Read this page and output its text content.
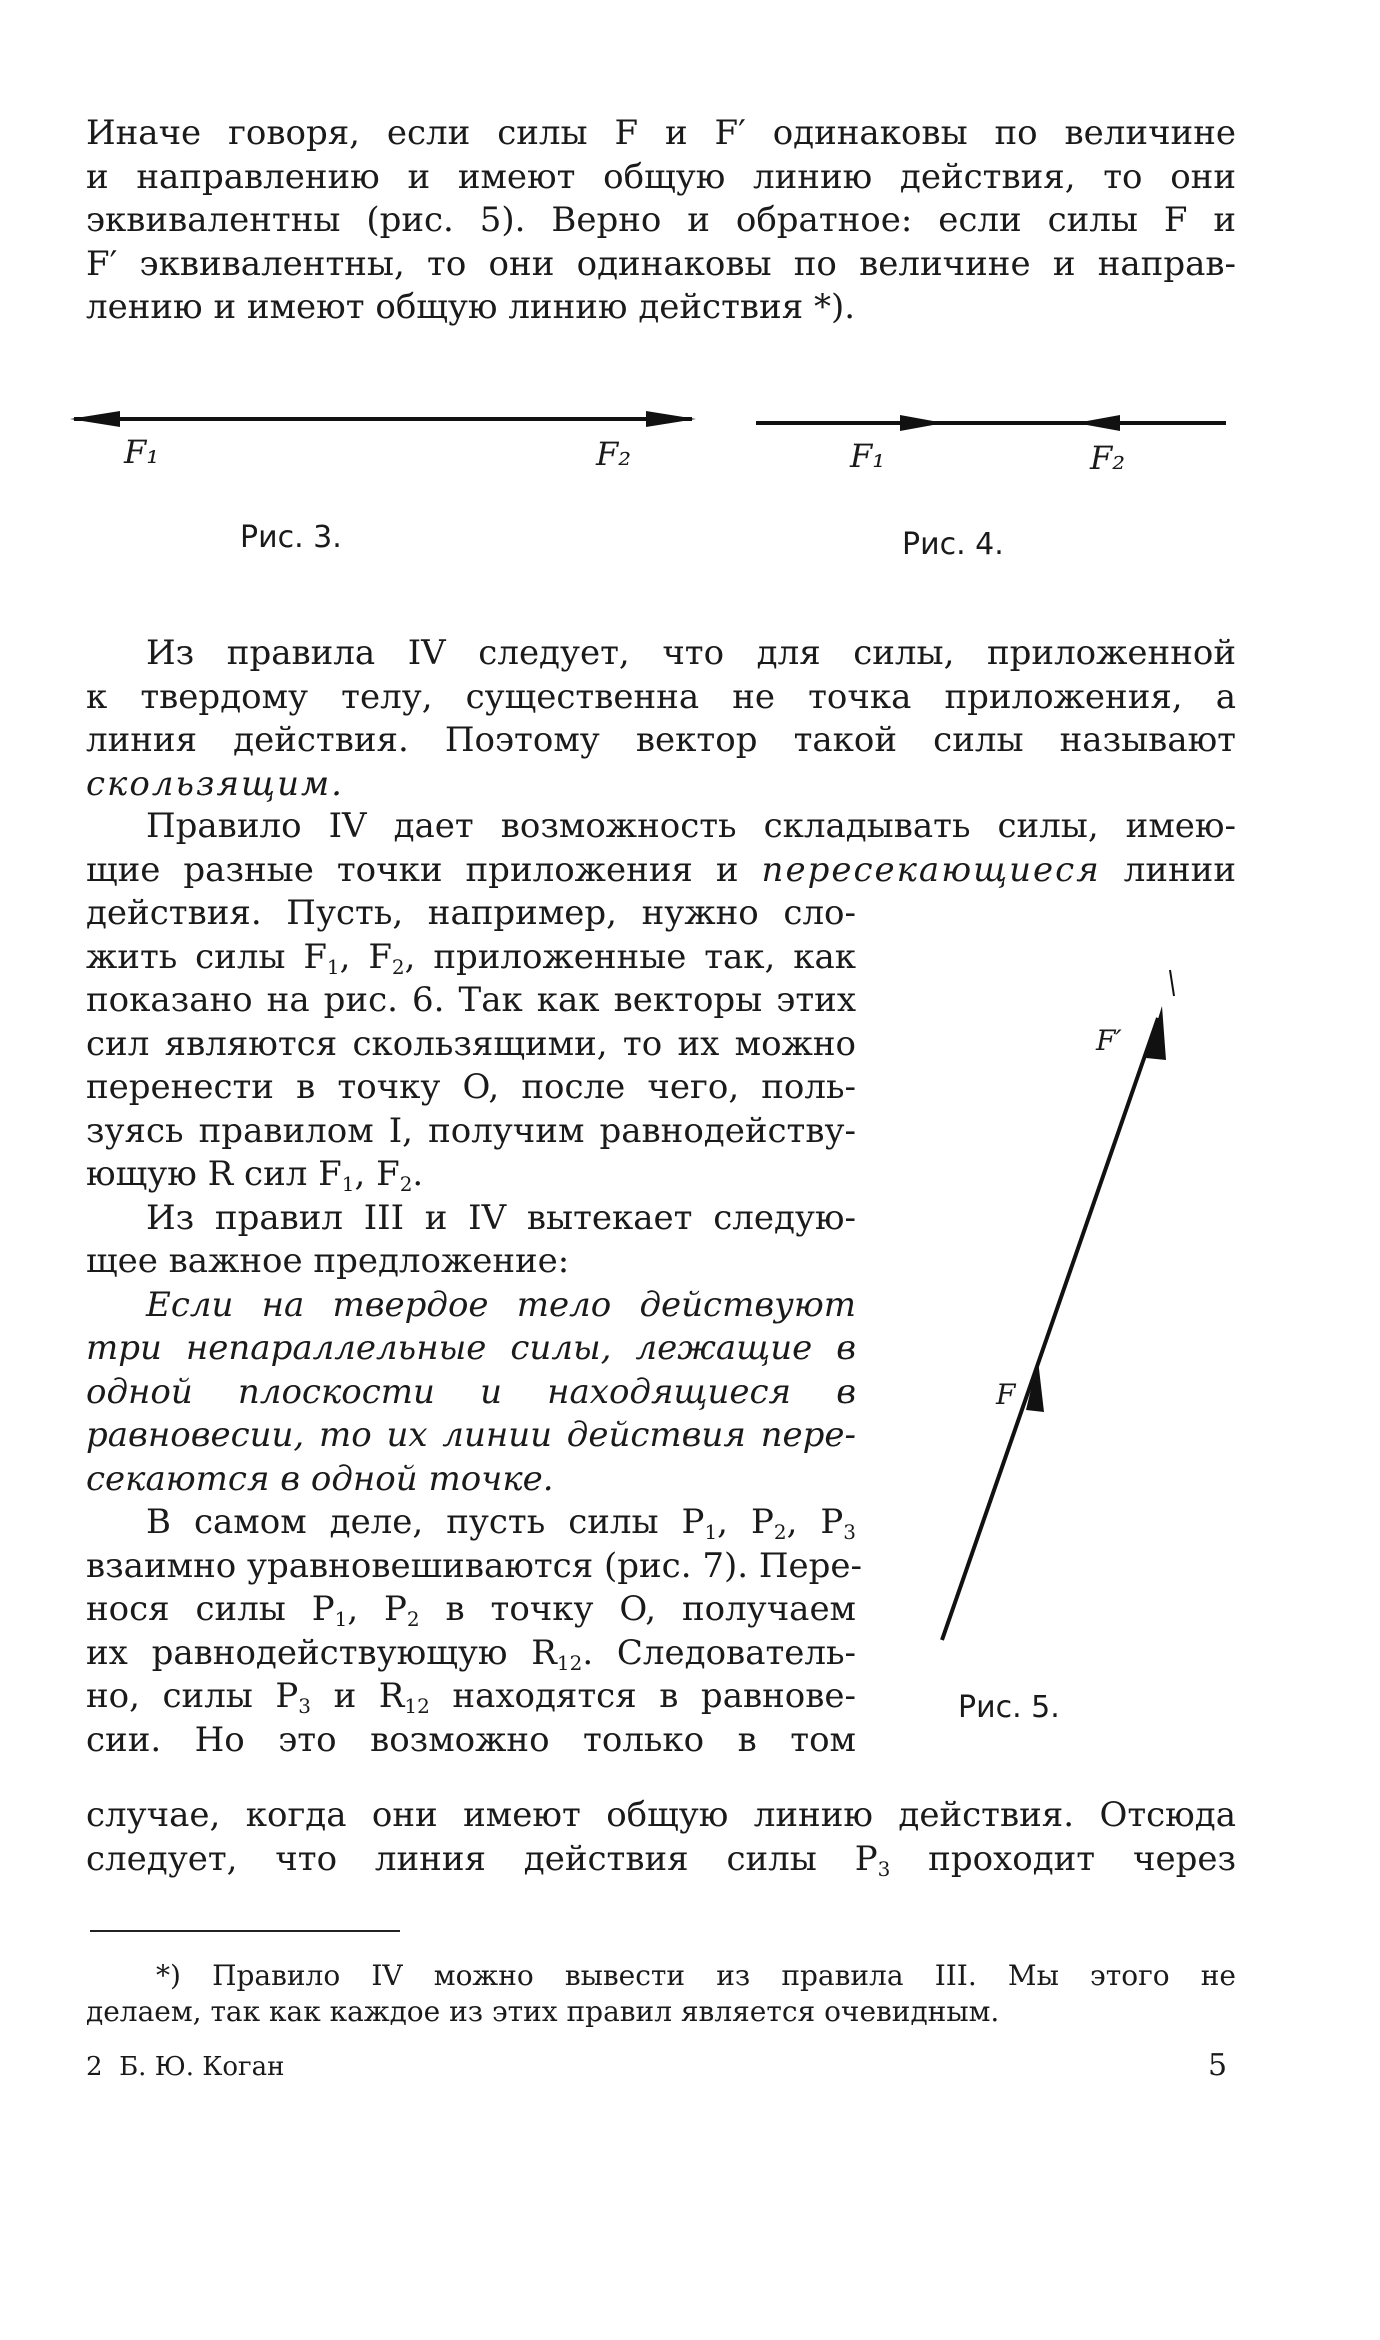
Иначе говоря, если силы F и F′ одинаковы по величине
и направлению и имеют общую линию действия, то они
эквивалентны (рис. 5). Верно и обратное: если силы F и
F′ эквивалентны, то они одинаковы по величине и направ-
лению и имеют общую линию действия *).
F₁	F₂
Рис. 3.
F₁	F₂
Рис. 4.
Из правила IV следует, что для силы, приложенной
к твердому телу, существенна не точка приложения, а
линия действия. Поэтому вектор такой силы называют
скользящим.
Правило IV дает возможность складывать силы, имею-
щие разные точки приложения и пересекающиеся линии
действия. Пусть, например, нужно сло-
жить силы $F_1$, $F_2$, приложенные так, как
показано на рис. 6. Так как векторы этих
сил являются скользящими, то их можно
перенести в точку O, после чего, поль-
зуясь правилом I, получим равнодейству-
ющую R сил $F_1$, $F_2$.
Из правил III и IV вытекает следую-
щее важное предложение:
Если на твердое тело действуют
три непараллельные силы, лежащие в
одной плоскости и находящиеся в
равновесии, то их линии действия пере-
секаются в одной точке.
В самом деле, пусть силы $P_1$, $P_2$, $P_3$
взаимно уравновешиваются (рис. 7). Пере-
нося силы $P_1$, $P_2$ в точку O, получаем
их равнодействующую $R_{12}$. Следователь-
но, силы $P_3$ и $R_{12}$ находятся в равнове-
сии. Но это возможно только в том
случае, когда они имеют общую линию действия. Отсюда
следует, что линия действия силы $P_3$ проходит через
F′
F
Рис. 5.
*) Правило IV можно вывести из правила III. Мы этого не
делаем, так как каждое из этих правил является очевидным.
2  Б. Ю. Коган	5
